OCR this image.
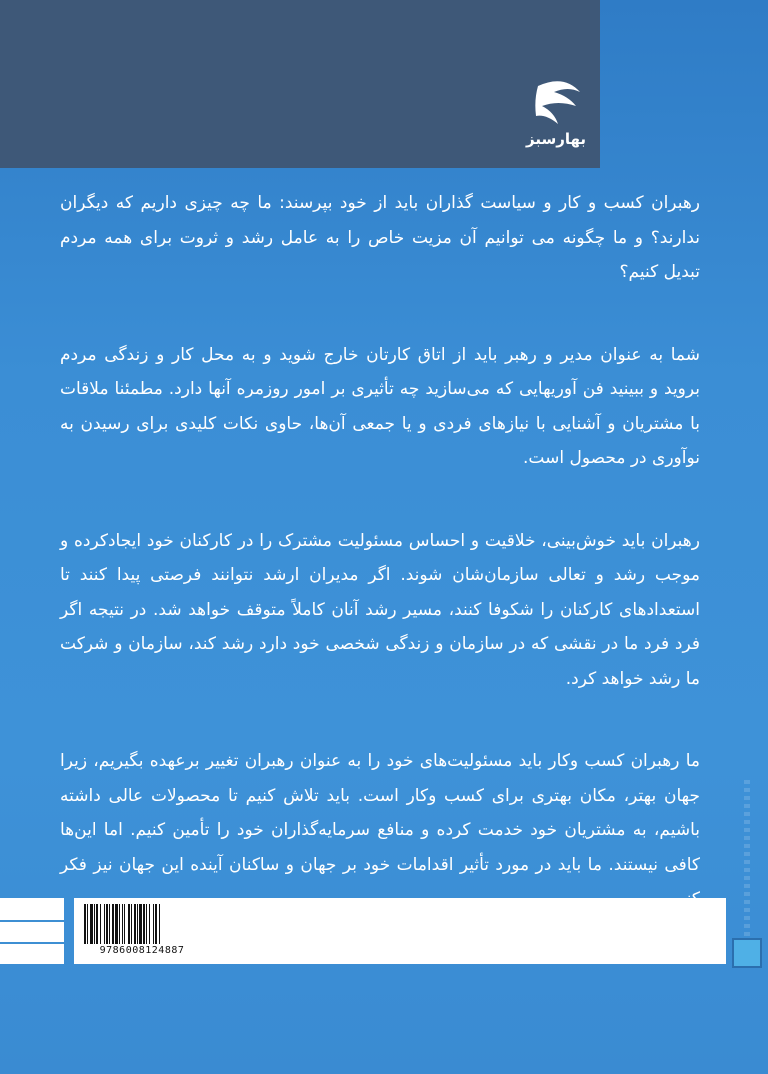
بهارسبز

رهبران کسب و کار و سیاست گذاران باید از خود بپرسند: ما چه چیزی داریم که دیگران ندارند؟ و ما چگونه می توانیم آن مزیت خاص را به عامل رشد و ثروت برای همه مردم تبدیل کنیم؟

شما به عنوان مدیر و رهبر باید از اتاق کارتان خارج شوید و به محل کار و زندگی مردم بروید و ببینید فن آوریهایی که می‌سازید چه تأثیری بر امور روزمره آنها دارد. مطمئنا ملاقات با مشتریان و آشنایی با نیازهای فردی و یا جمعی آن‌ها، حاوی نکات کلیدی برای رسیدن به نوآوری در محصول است.

رهبران باید خوش‌بینی، خلاقیت و احساس مسئولیت مشترک را در کارکنان خود ایجادکرده و موجب رشد و تعالی سازمان‌شان شوند. اگر مدیران ارشد نتوانند فرصتی پیدا کنند تا استعدادهای کارکنان را شکوفا کنند، مسیر رشد آنان کاملاً متوقف خواهد شد. در نتیجه اگر فرد فرد ما در نقشی که در سازمان و زندگی شخصی خود دارد رشد کند، سازمان و شرکت ما رشد خواهد کرد.

ما رهبران کسب وکار باید مسئولیت‌های خود را به عنوان رهبران تغییر برعهده بگیریم، زیرا جهان بهتر، مکان بهتری برای کسب وکار است. باید تلاش کنیم تا محصولات عالی داشته باشیم، به مشتریان خود خدمت کرده و منافع سرمایه‌گذاران خود را تأمین کنیم. اما این‌ها کافی نیستند. ما باید در مورد تأثیر اقدامات خود بر جهان و ساکنان آینده این جهان نیز فکر

9786008124887
